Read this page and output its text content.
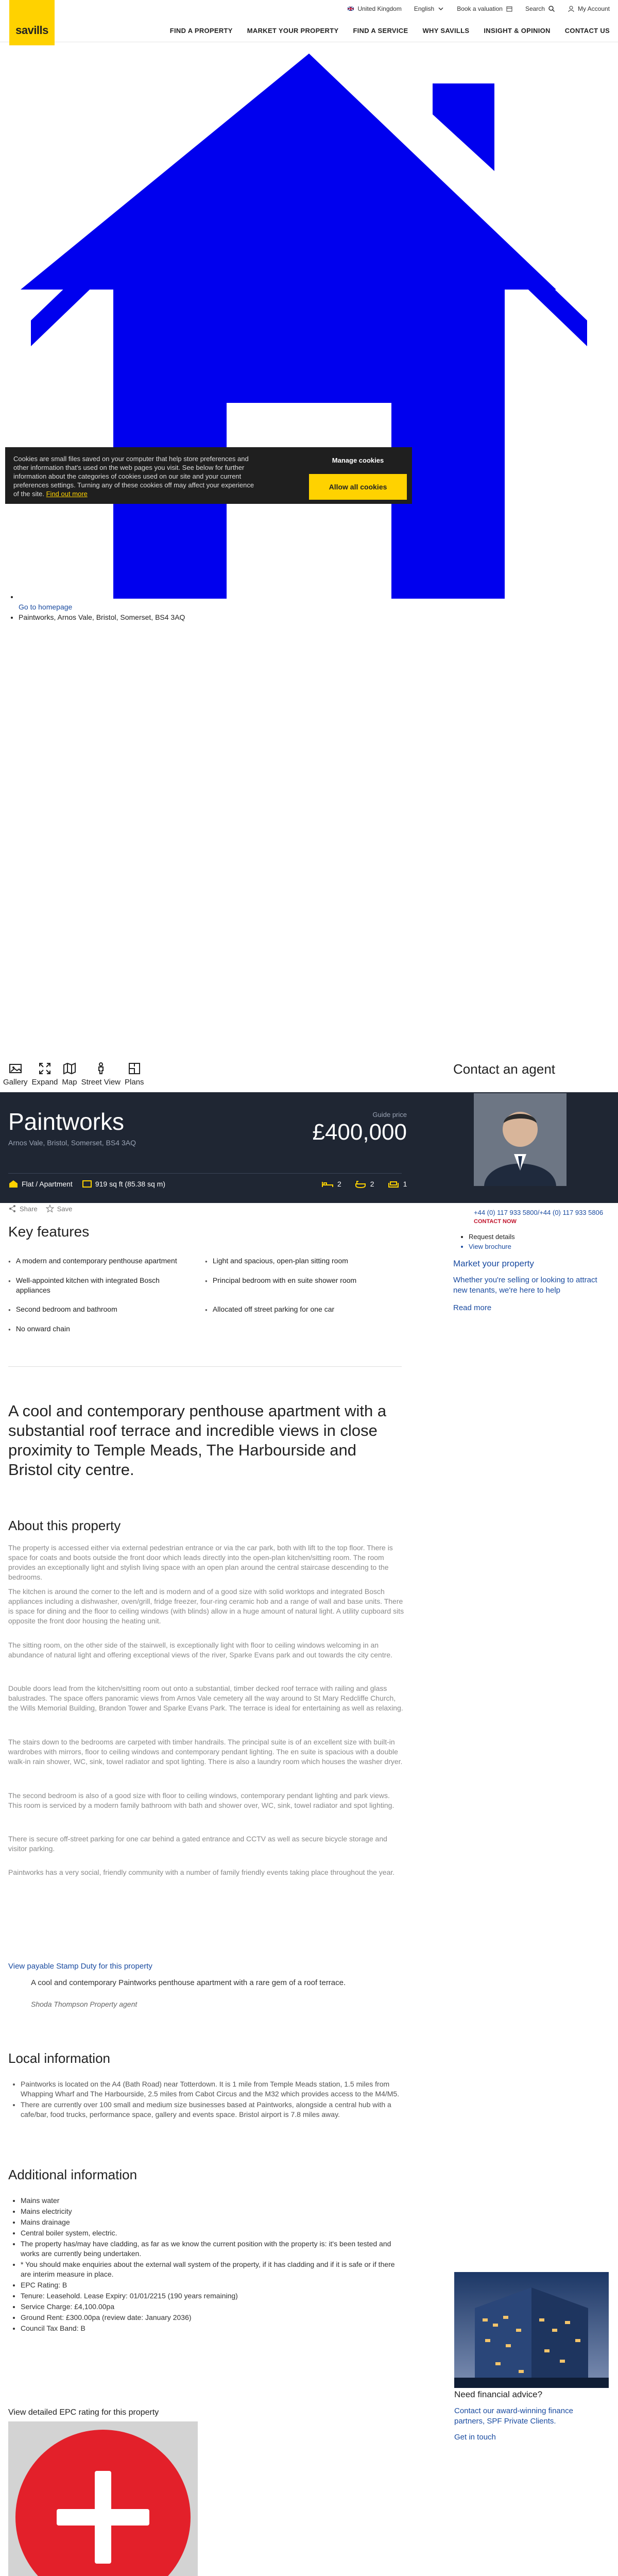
savills
United Kingdom English	Book a valuation	Search	My Account
FIND A PROPERTY MARKET YOUR PROPERTY FIND A SERVICE WHY SAVILLS INSIGHT & OPINION CONTACT US
Cookies are small files saved on your computer that help store preferences and other information that's used on the web pages you visit. See below for further information about the categories of cookies used on our site and your current preferences settings. Turning any of these cookies off may affect your experience of the site. Find out more
Manage cookies
Allow all cookies
•
Go to homepage
• Paintworks, Arnos Vale, Bristol, Somerset, BS4 3AQ
Gallery Expand Map Street View Plans
Contact an agent
Paintworks
Arnos Vale, Bristol, Somerset, BS4 3AQ
Guide price
£400,000
Flat / Apartment	919 sq ft (85.38 sq m)	2	2	1
Share	Save	+44 (0) 117 933 5800/+44 (0) 117 933 5806
CONTACT NOW
• Request details
• View brochure
Market your property
Whether you're selling or looking to attract new tenants, we're here to help
Read more
Key features
● A modern and contemporary penthouse apartment	● Light and spacious, open-plan sitting room
● Well-appointed kitchen with integrated Bosch appliances
● Principal bedroom with en suite shower room
● Second bedroom and bathroom	● Allocated off street parking for one car
● No onward chain
A cool and contemporary penthouse apartment with a substantial roof terrace and incredible views in close proximity to Temple Meads, The Harbourside and Bristol city centre.
About this property
The property is accessed either via external pedestrian entrance or via the car park, both with lift to the top floor. There is space for coats and boots outside the front door which leads directly into the open-plan kitchen/sitting room. The room provides an exceptionally light and stylish living space with an open plan around the central staircase descending to the bedrooms.
The kitchen is around the corner to the left and is modern and of a good size with solid worktops and integrated Bosch appliances including a dishwasher, oven/grill, fridge freezer, four-ring ceramic hob and a range of wall and base units. There is space for dining and the floor to ceiling windows (with blinds) allow in a huge amount of natural light. A utility cupboard sits opposite the front door housing the heating unit.
The sitting room, on the other side of the stairwell, is exceptionally light with floor to ceiling windows welcoming in an abundance of natural light and offering exceptional views of the river, Sparke Evans park and out towards the city centre.
Double doors lead from the kitchen/sitting room out onto a substantial, timber decked roof terrace with railing and glass balustrades. The space offers panoramic views from Arnos Vale cemetery all the way around to St Mary Redcliffe Church, the Wills Memorial Building, Brandon Tower and Sparke Evans Park. The terrace is ideal for entertaining as well as relaxing.
The stairs down to the bedrooms are carpeted with timber handrails. The principal suite is of an excellent size with built-in wardrobes with mirrors, floor to ceiling windows and contemporary pendant lighting. The en suite is spacious with a double walk-in rain shower, WC, sink, towel radiator and spot lighting. There is also a laundry room which houses the washer dryer.
The second bedroom is also of a good size with floor to ceiling windows, contemporary pendant lighting and park views. This room is serviced by a modern family bathroom with bath and shower over, WC, sink, towel radiator and spot lighting.
There is secure off-street parking for one car behind a gated entrance and CCTV as well as secure bicycle storage and visitor parking.
Paintworks has a very social, friendly community with a number of family friendly events taking place throughout the year.
View payable Stamp Duty for this property
A cool and contemporary Paintworks penthouse apartment with a rare gem of a roof terrace.
Shoda Thompson Property agent
Local information
• Paintworks is located on the A4 (Bath Road) near Totterdown. It is 1 mile from Temple Meads station, 1.5 miles from Whapping Wharf and The Harbourside, 2.5 miles from Cabot Circus and the M32 which provides access to the M4/M5.
• There are currently over 100 small and medium size businesses based at Paintworks, alongside a central hub with a cafe/bar, food trucks, performance space, gallery and events space. Bristol airport is 7.8 miles away.
Additional information
• Mains water
• Mains electricity
• Mains drainage
• Central boiler system, electric.
• The property has/may have cladding, as far as we know the current position with the property is: it's been tested and works are currently being undertaken.
• * You should make enquiries about the external wall system of the property, if it has cladding and if it is safe or if there are interim measure in place.
• EPC Rating: B
• Tenure: Leasehold. Lease Expiry: 01/01/2215 (190 years remaining)
• Service Charge: £4,100.00pa
• Ground Rent: £300.00pa (review date: January 2036)
• Council Tax Band: B
View detailed EPC rating for this property
Need financial advice?
Contact our award-winning finance partners, SPF Private Clients.
Get in touch
